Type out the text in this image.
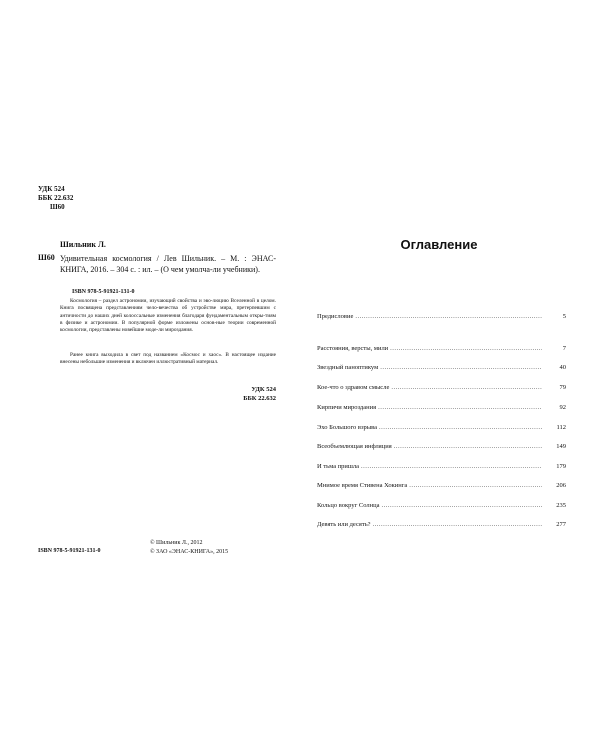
УДК 524
ББК 22.632
Ш60
Шильник Л.
Ш60 Удивительная космология / Лев Шильник. – М. : ЭНАС-КНИГА, 2016. – 304 с. : ил. – (О чем умолча-ли учебники).

ISBN 978-5-91921-131-0

Космология – раздел астрономии, изучающий свойства и эво-люцию Вселенной в целом. Книга посвящена представлениям чело-вечества об устройстве мира, претерпевшим с античности до наших дней колоссальные изменения благодаря фундаментальным откры-тиям в физике и астрономии. В популярной форме изложены основ-ные теории современной космологии, представлены новейшие моде-ли мироздания.

Ранее книга выходила в свет под названием «Космос и хаос». В настоящее издание внесены небольшие изменения и включен иллюстративный материал.

УДК 524
ББК 22.632
ISBN 978-5-91921-131-0
© Шильник Л., 2012
© ЗАО «ЭНАС-КНИГА», 2015
Оглавление
Предисловие .....	5
Расстояния, версты, мили .....	7
Звездный паноптикум .....	40
Кое-что о здравом смысле .....	79
Кирпичи мироздания .....	92
Эхо Большого взрыва .....	112
Всеобъемлющая инфляция .....	149
И тьма пришла .....	179
Мнимое время Стивена Хокинга .....	206
Кольцо вокруг Солнца .....	235
Девять или десять? .....	277
